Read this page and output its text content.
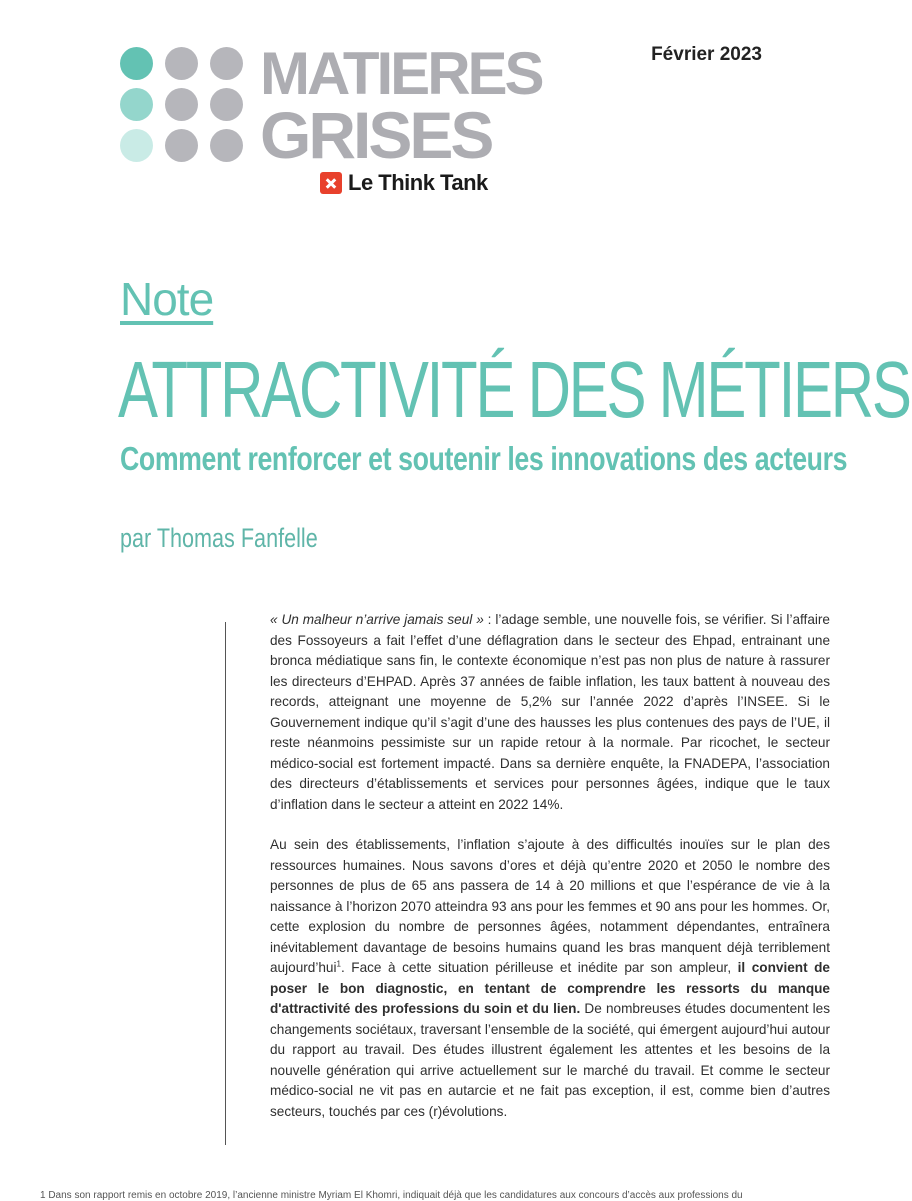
MATIERES
GRISES
Le Think Tank
Février 2023
Note
ATTRACTIVITÉ DES MÉTIERS
Comment renforcer et soutenir les innovations des acteurs
par Thomas Fanfelle

« Un malheur n’arrive jamais seul » : l’adage semble, une nouvelle fois, se vérifier. Si l’affaire des Fossoyeurs a fait l’effet d’une déflagration dans le secteur des Ehpad, entrainant une bronca médiatique sans fin, le contexte économique n’est pas non plus de nature à rassurer les directeurs d’EHPAD. Après 37 années de faible inflation, les taux battent à nouveau des records, atteignant une moyenne de 5,2% sur l’année 2022 d’après l’INSEE. Si le Gouvernement indique qu’il s’agit d’une des hausses les plus contenues des pays de l’UE, il reste néanmoins pessimiste sur un rapide retour à la normale. Par ricochet, le secteur médico-social est fortement impacté. Dans sa dernière enquête, la FNADEPA, l’association des directeurs d’établissements et services pour personnes âgées, indique que le taux d’inflation dans le secteur a atteint en 2022 14%.

Au sein des établissements, l’inflation s’ajoute à des difficultés inouïes sur le plan des ressources humaines. Nous savons d’ores et déjà qu’entre 2020 et 2050 le nombre des personnes de plus de 65 ans passera de 14 à 20 millions et que l’espérance de vie à la naissance à l’horizon 2070 atteindra 93 ans pour les femmes et 90 ans pour les hommes. Or, cette explosion du nombre de personnes âgées, notamment dépendantes, entraînera inévitablement davantage de besoins humains quand les bras manquent déjà terriblement aujourd’hui$^1$. Face à cette situation périlleuse et inédite par son ampleur, il convient de poser le bon diagnostic, en tentant de comprendre les ressorts du manque d'attractivité des professions du soin et du lien. De nombreuses études documentent les changements sociétaux, traversant l’ensemble de la société, qui émergent aujourd’hui autour du rapport au travail. Des études illustrent également les attentes et les besoins de la nouvelle génération qui arrive actuellement sur le marché du travail. Et comme le secteur médico-social ne vit pas en autarcie et ne fait pas exception, il est, comme bien d’autres secteurs, touchés par ces (r)évolutions.

1 Dans son rapport remis en octobre 2019, l’ancienne ministre Myriam El Khomri, indiquait déjà que les candidatures aux concours d’accès aux professions du
